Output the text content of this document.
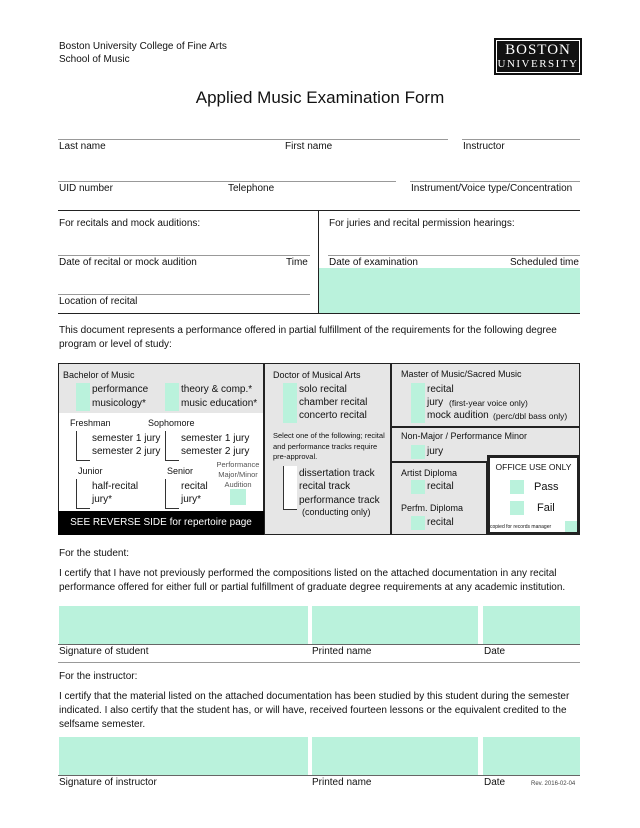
Boston University College of Fine Arts
School of Music
BOSTON
UNIVERSITY
Applied Music Examination Form
Last name	First name	Instructor
UID number	Telephone	Instrument/Voice type/Concentration
For recitals and mock auditions:	For juries and recital permission hearings:
Date of recital or mock audition	Time
Location of recital
Date of examination	Scheduled time
This document represents a performance offered in partial fulfillment of the requirements for the following degree program or level of study:
Bachelor of Music
performance
musicology*
theory & comp.*
music education*
Freshman	Sophomore
semester 1 jury
semester 2 jury
semester 1 jury
semester 2 jury
Junior	Senior
Performance Major/Minor Audition
half-recital
jury*
recital
jury*
SEE REVERSE SIDE for repertoire page
Doctor of Musical Arts
solo recital
chamber recital
concerto recital
Select one of the following; recital and performance tracks require pre-approval.
dissertation track
recital track
performance track
(conducting only)
Master of Music/Sacred Music
recital
jury (first-year voice only)
mock audition (perc/dbl bass only)
Non-Major / Performance Minor
jury
Artist Diploma
recital
Perfm. Diploma
recital
OFFICE USE ONLY
Pass
Fail
copied for records manager
For the student:
I certify that I have not previously performed the compositions listed on the attached documentation in any recital performance offered for either full or partial fulfillment of graduate degree requirements at any academic institution.
Signature of student	Printed name	Date
For the instructor:
I certify that the material listed on the attached documentation has been studied by this student during the semester indicated. I also certify that the student has, or will have, received fourteen lessons or the equivalent credited to the selfsame semester.
Signature of instructor	Printed name	Date	Rev. 2016-02-04
